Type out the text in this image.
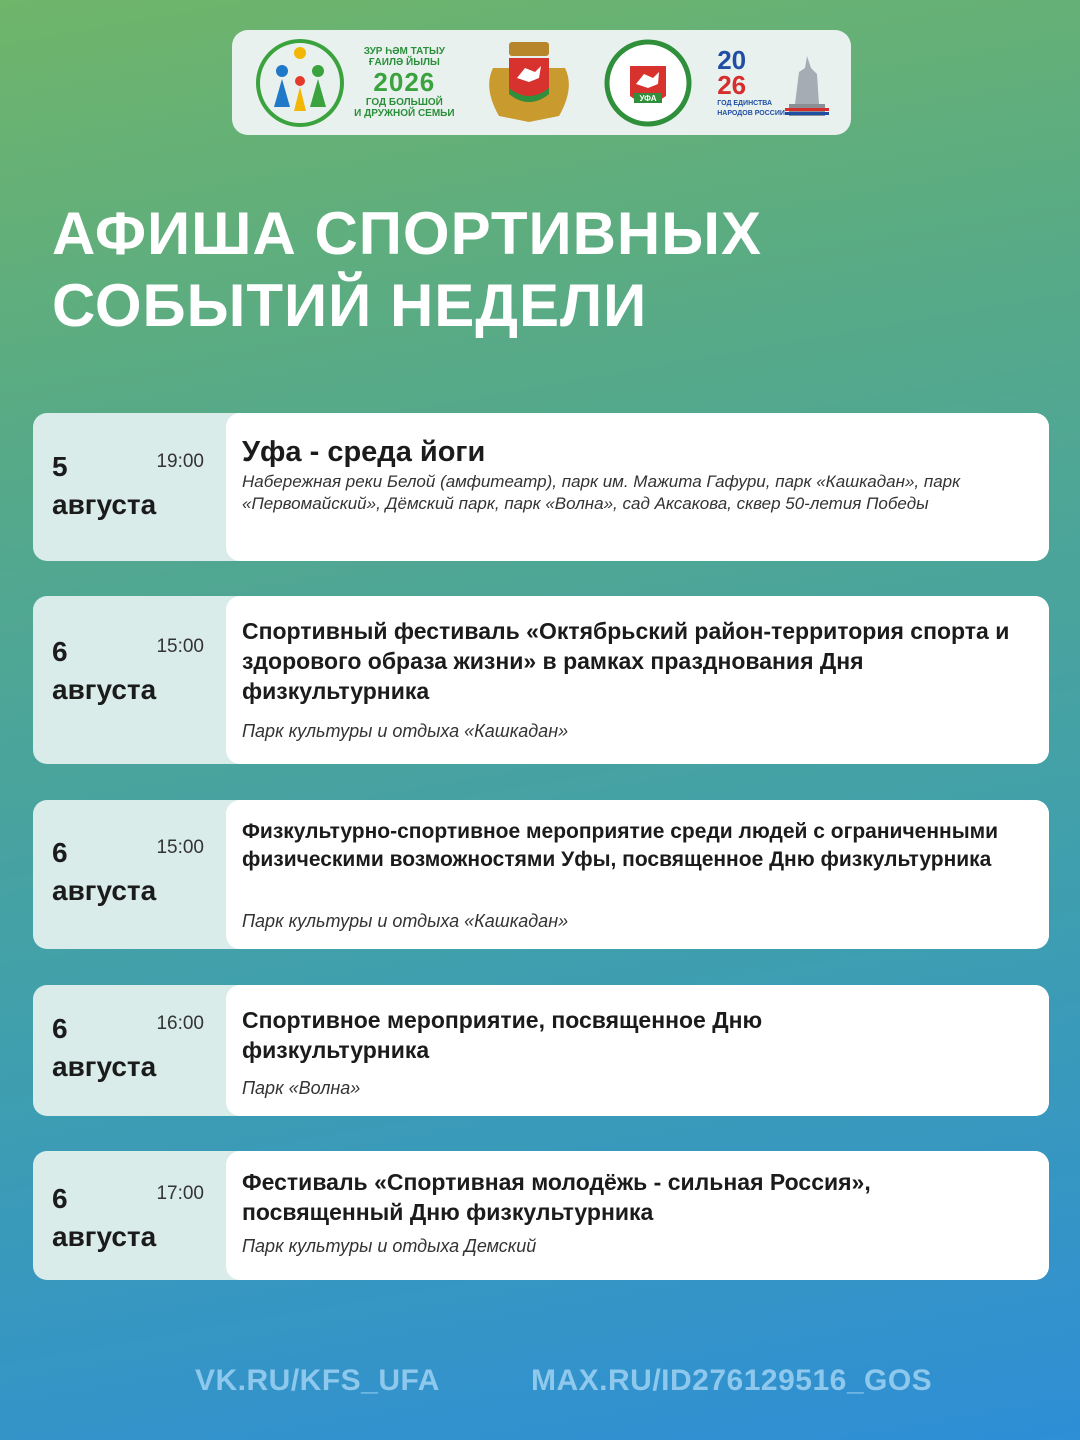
ЗУР ҺӘМ ТАТЫУ
ҒАИЛӘ ЙЫЛЫ
2026
ГОД БОЛЬШОЙ
И ДРУЖНОЙ СЕМЬИ
УФА
20
26
ГОД ЕДИНСТВА
НАРОДОВ РОССИИ
АФИША СПОРТИВНЫХ
СОБЫТИЙ НЕДЕЛИ
5
августа
19:00 Уфа - среда йоги
Набережная реки Белой (амфитеатр), парк им. Мажита Гафури, парк «Кашкадан», парк «Первомайский», Дёмский парк, парк «Волна», сад Аксакова, сквер 50-летия Победы
6
августа
15:00
Спортивный фестиваль «Октябрьский район-территория спорта и здорового образа жизни» в рамках празднования Дня физкультурника
Парк культуры и отдыха «Кашкадан»
6
августа
15:00
Физкультурно-спортивное мероприятие среди людей с ограниченными физическими возможностями Уфы, посвященное Дню физкультурника
Парк культуры и отдыха «Кашкадан»
6
августа
16:00 Спортивное мероприятие, посвященное Дню физкультурника
Парк «Волна»
6
августа
17:00 Фестиваль «Спортивная молодёжь - сильная Россия», посвященный Дню физкультурника
Парк культуры и отдыха Демский
VK.RU/KFS_UFA	MAX.RU/ID276129516_GOS
